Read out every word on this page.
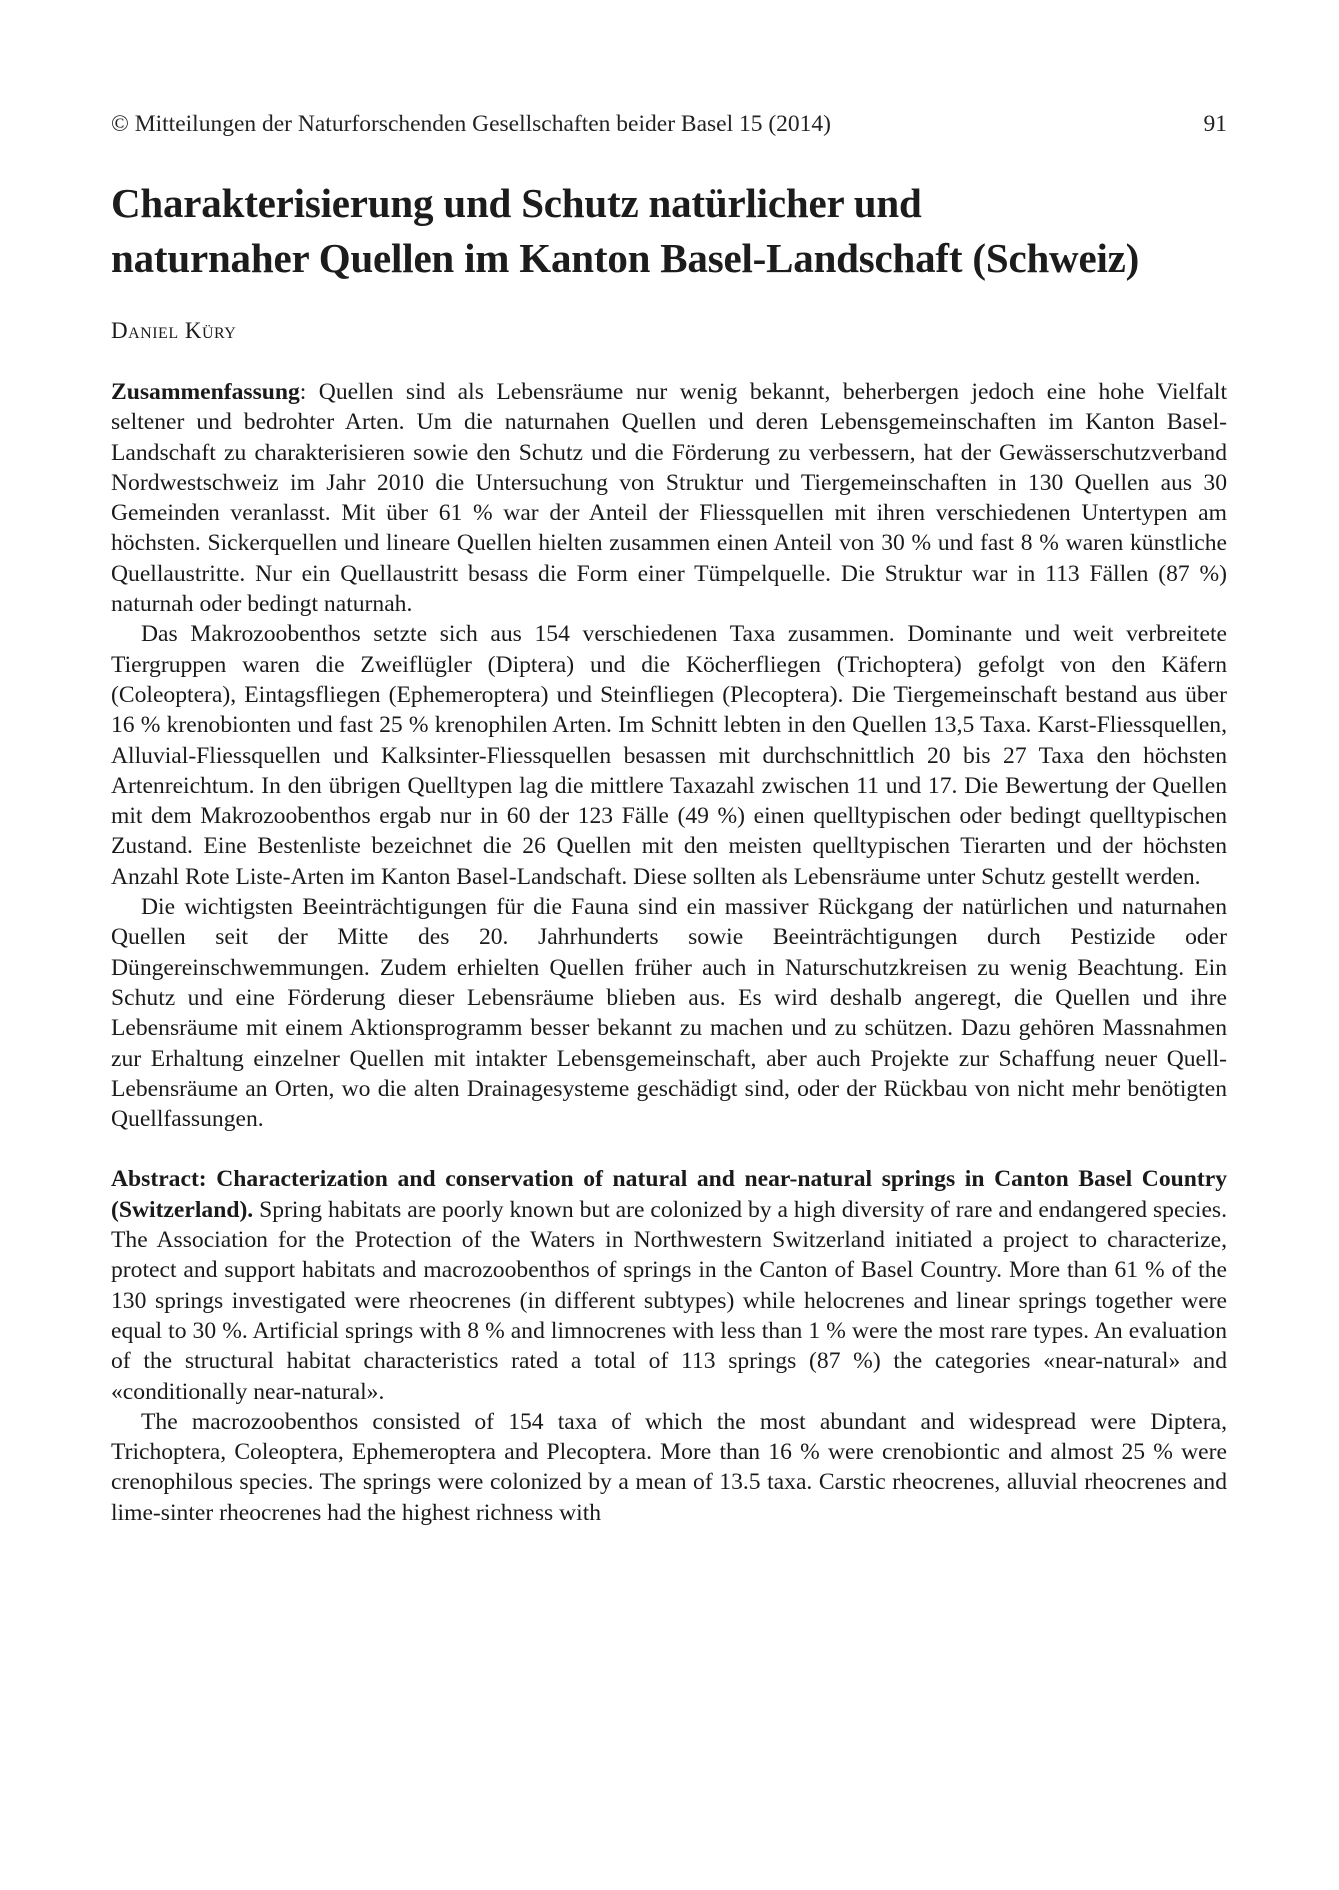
© Mitteilungen der Naturforschenden Gesellschaften beider Basel 15 (2014)	91
Charakterisierung und Schutz natürlicher und
naturnaher Quellen im Kanton Basel-Landschaft (Schweiz)
Daniel Küry

Zusammenfassung: Quellen sind als Lebensräume nur wenig bekannt, beherbergen jedoch eine hohe Vielfalt seltener und bedrohter Arten. Um die naturnahen Quellen und deren Lebensgemeinschaften im Kanton Basel-Landschaft zu charakterisieren sowie den Schutz und die Förderung zu verbessern, hat der Gewässerschutzverband Nordwestschweiz im Jahr 2010 die Untersuchung von Struktur und Tiergemeinschaften in 130 Quellen aus 30 Gemeinden veranlasst. Mit über 61 % war der Anteil der Fliessquellen mit ihren verschiedenen Untertypen am höchsten. Sickerquellen und lineare Quellen hielten zusammen einen Anteil von 30 % und fast 8 % waren künstliche Quellaustritte. Nur ein Quellaustritt besass die Form einer Tümpelquelle. Die Struktur war in 113 Fällen (87 %) naturnah oder bedingt naturnah.

Das Makrozoobenthos setzte sich aus 154 verschiedenen Taxa zusammen. Dominante und weit verbreitete Tiergruppen waren die Zweiflügler (Diptera) und die Köcherfliegen (Trichoptera) gefolgt von den Käfern (Coleoptera), Eintagsfliegen (Ephemeroptera) und Steinfliegen (Plecoptera). Die Tiergemeinschaft bestand aus über 16 % krenobionten und fast 25 % krenophilen Arten. Im Schnitt lebten in den Quellen 13,5 Taxa. Karst-Fliessquellen, Alluvial-Fliessquellen und Kalksinter-Fliessquellen besassen mit durchschnittlich 20 bis 27 Taxa den höchsten Artenreichtum. In den übrigen Quelltypen lag die mittlere Taxazahl zwischen 11 und 17. Die Bewertung der Quellen mit dem Makrozoobenthos ergab nur in 60 der 123 Fälle (49 %) einen quelltypischen oder bedingt quelltypischen Zustand. Eine Bestenliste bezeichnet die 26 Quellen mit den meisten quelltypischen Tierarten und der höchsten Anzahl Rote Liste-Arten im Kanton Basel-Landschaft. Diese sollten als Lebensräume unter Schutz gestellt werden.

Die wichtigsten Beeinträchtigungen für die Fauna sind ein massiver Rückgang der natürlichen und naturnahen Quellen seit der Mitte des 20. Jahrhunderts sowie Beeinträchtigungen durch Pestizide oder Düngereinschwemmungen. Zudem erhielten Quellen früher auch in Naturschutzkreisen zu wenig Beachtung. Ein Schutz und eine Förderung dieser Lebensräume blieben aus. Es wird deshalb angeregt, die Quellen und ihre Lebensräume mit einem Aktionsprogramm besser bekannt zu machen und zu schützen. Dazu gehören Massnahmen zur Erhaltung einzelner Quellen mit intakter Lebensgemeinschaft, aber auch Projekte zur Schaffung neuer Quell-Lebensräume an Orten, wo die alten Drainagesysteme geschädigt sind, oder der Rückbau von nicht mehr benötigten Quellfassungen.

Abstract: Characterization and conservation of natural and near-natural springs in Canton Basel Country (Switzerland). Spring habitats are poorly known but are colonized by a high diversity of rare and endangered species. The Association for the Protection of the Waters in Northwestern Switzerland initiated a project to characterize, protect and support habitats and macrozoobenthos of springs in the Canton of Basel Country. More than 61 % of the 130 springs investigated were rheocrenes (in different subtypes) while helocrenes and linear springs together were equal to 30 %. Artificial springs with 8 % and limnocrenes with less than 1 % were the most rare types. An evaluation of the structural habitat characteristics rated a total of 113 springs (87 %) the categories «near-natural» and «conditionally near-natural».

The macrozoobenthos consisted of 154 taxa of which the most abundant and widespread were Diptera, Trichoptera, Coleoptera, Ephemeroptera and Plecoptera. More than 16 % were crenobiontic and almost 25 % were crenophilous species. The springs were colonized by a mean of 13.5 taxa. Carstic rheocrenes, alluvial rheocrenes and lime-sinter rheocrenes had the highest richness with
